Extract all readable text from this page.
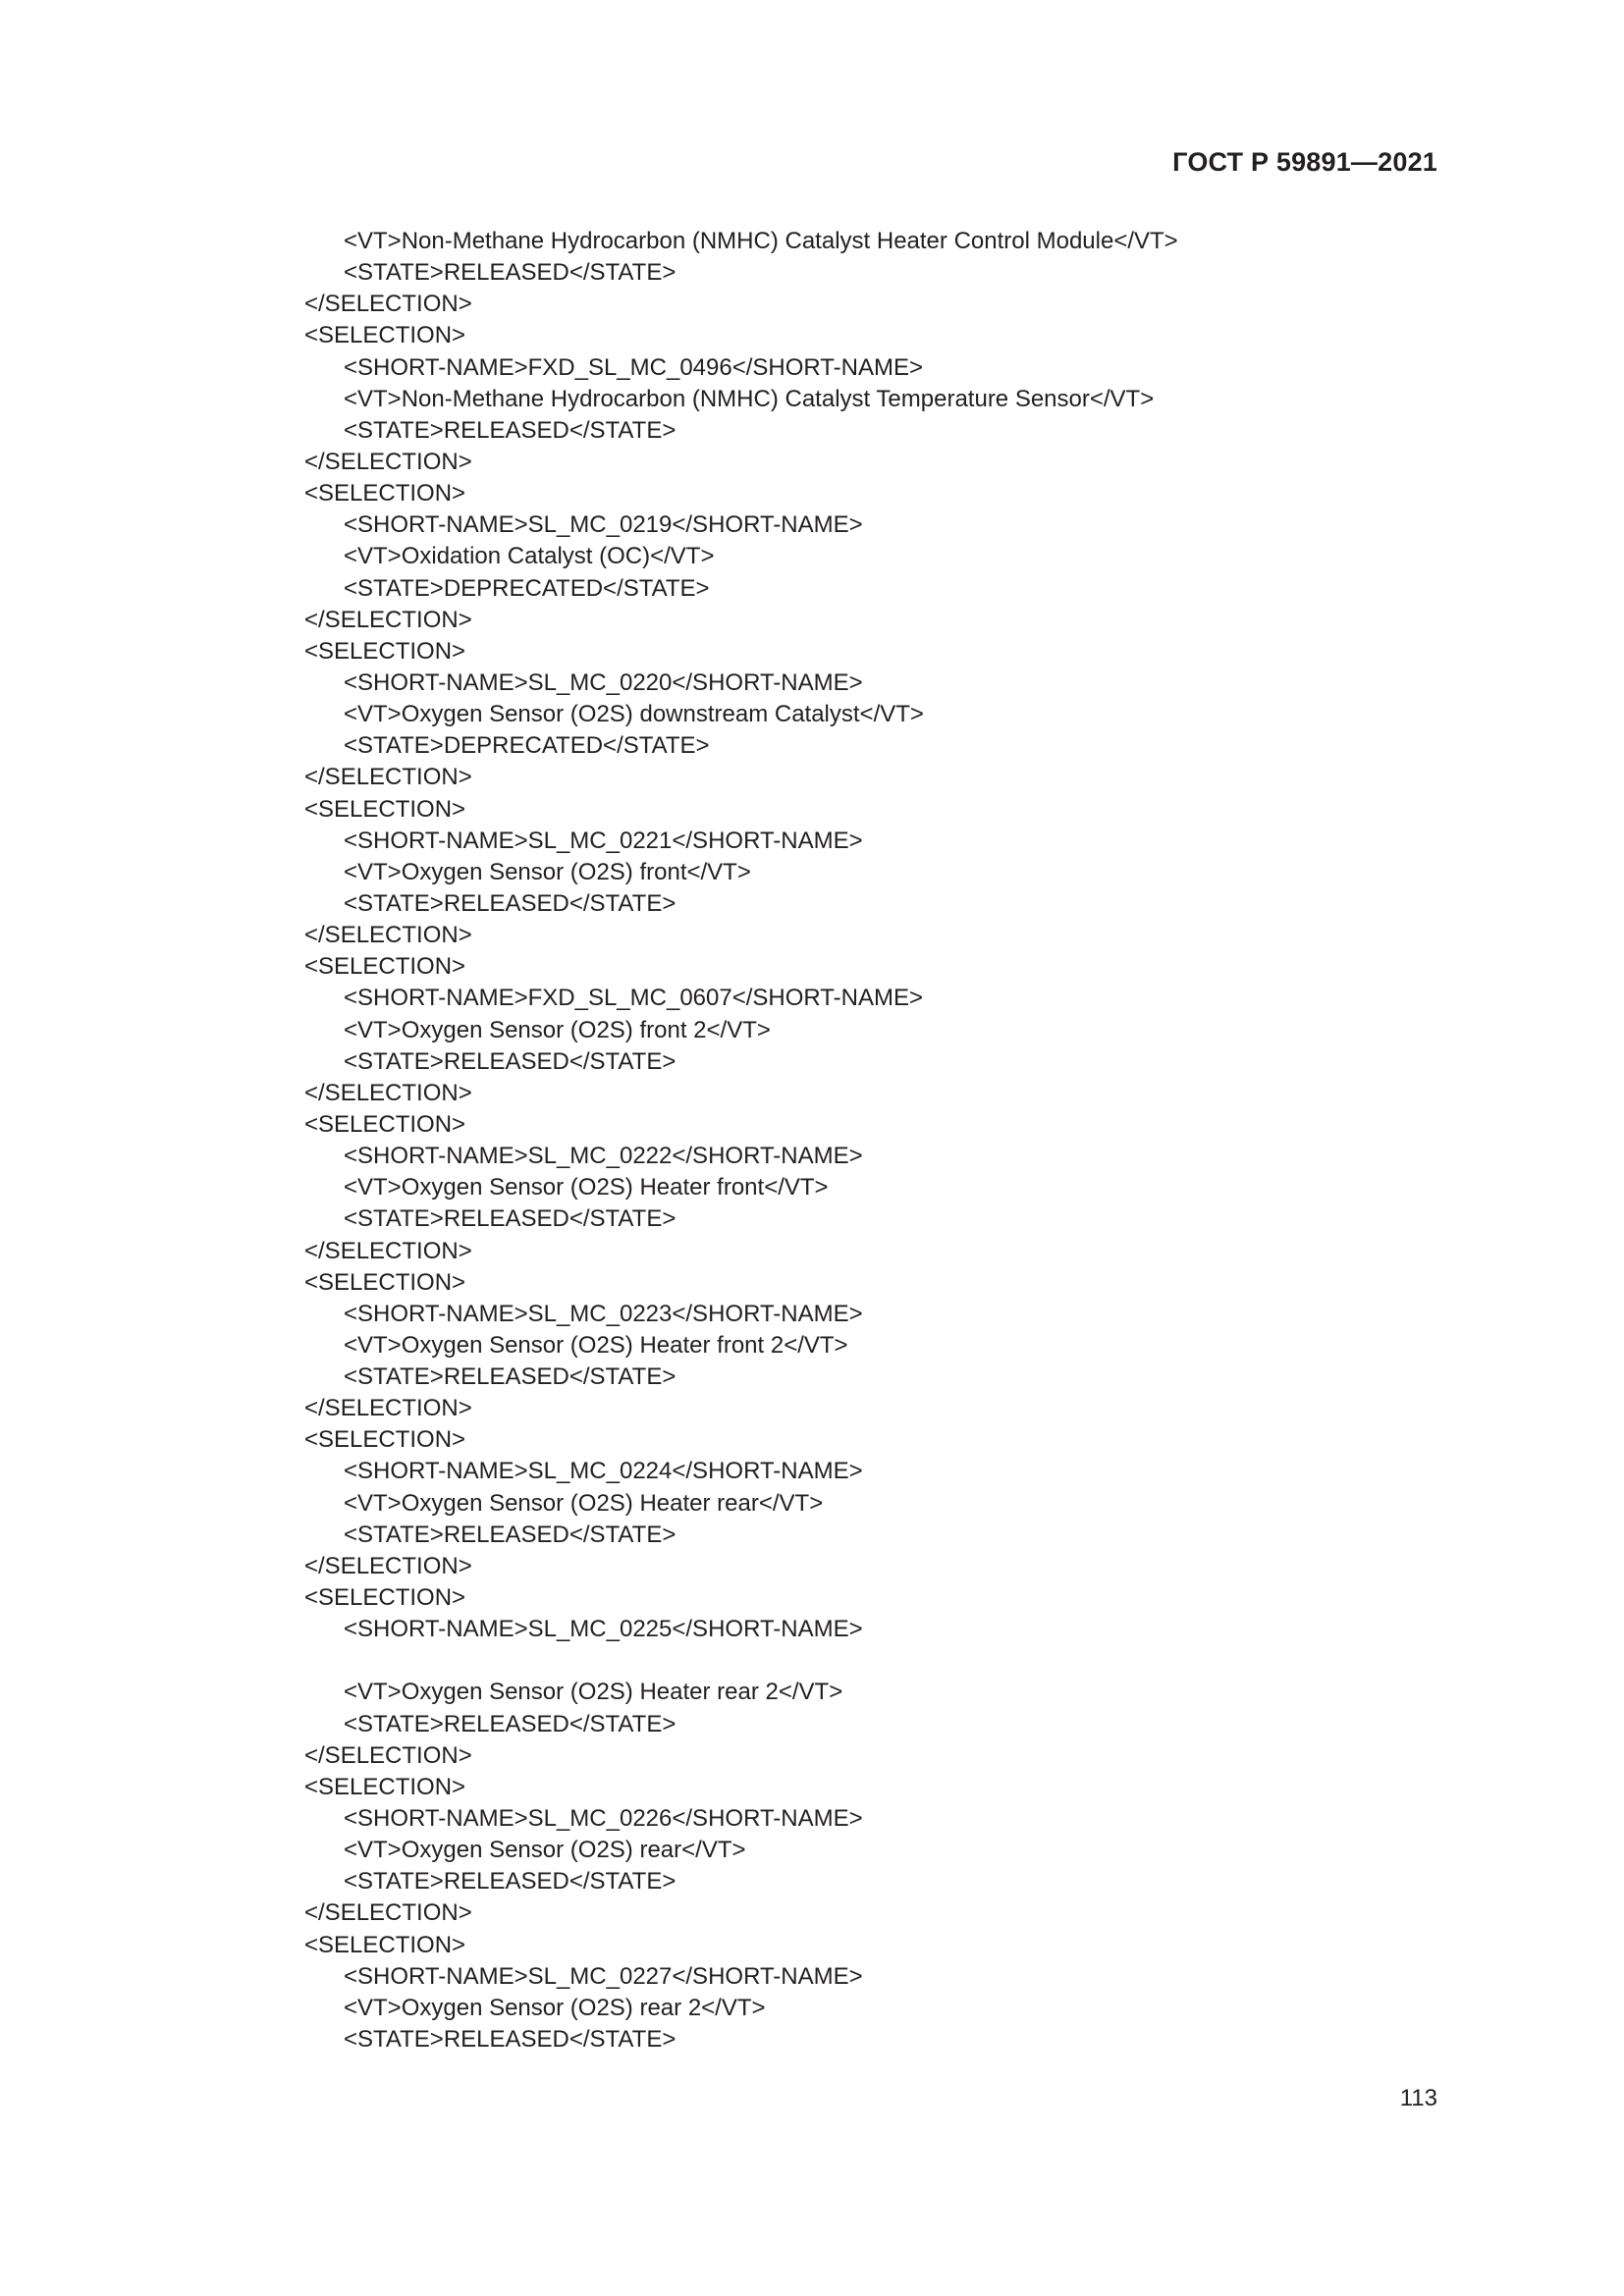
ГОСТ Р 59891—2021
<VT>Non-Methane Hydrocarbon (NMHC) Catalyst Heater Control Module</VT>
<STATE>RELEASED</STATE>
</SELECTION>
<SELECTION>
<SHORT-NAME>FXD_SL_MC_0496</SHORT-NAME>
<VT>Non-Methane Hydrocarbon (NMHC) Catalyst Temperature Sensor</VT>
<STATE>RELEASED</STATE>
</SELECTION>
<SELECTION>
<SHORT-NAME>SL_MC_0219</SHORT-NAME>
<VT>Oxidation Catalyst (OC)</VT>
<STATE>DEPRECATED</STATE>
</SELECTION>
<SELECTION>
<SHORT-NAME>SL_MC_0220</SHORT-NAME>
<VT>Oxygen Sensor (O2S) downstream Catalyst</VT>
<STATE>DEPRECATED</STATE>
</SELECTION>
<SELECTION>
<SHORT-NAME>SL_MC_0221</SHORT-NAME>
<VT>Oxygen Sensor (O2S) front</VT>
<STATE>RELEASED</STATE>
</SELECTION>
<SELECTION>
<SHORT-NAME>FXD_SL_MC_0607</SHORT-NAME>
<VT>Oxygen Sensor (O2S) front 2</VT>
<STATE>RELEASED</STATE>
</SELECTION>
<SELECTION>
<SHORT-NAME>SL_MC_0222</SHORT-NAME>
<VT>Oxygen Sensor (O2S) Heater front</VT>
<STATE>RELEASED</STATE>
</SELECTION>
<SELECTION>
<SHORT-NAME>SL_MC_0223</SHORT-NAME>
<VT>Oxygen Sensor (O2S) Heater front 2</VT>
<STATE>RELEASED</STATE>
</SELECTION>
<SELECTION>
<SHORT-NAME>SL_MC_0224</SHORT-NAME>
<VT>Oxygen Sensor (O2S) Heater rear</VT>
<STATE>RELEASED</STATE>
</SELECTION>
<SELECTION>
<SHORT-NAME>SL_MC_0225</SHORT-NAME>
<VT>Oxygen Sensor (O2S) Heater rear 2</VT>
<STATE>RELEASED</STATE>
</SELECTION>
<SELECTION>
<SHORT-NAME>SL_MC_0226</SHORT-NAME>
<VT>Oxygen Sensor (O2S) rear</VT>
<STATE>RELEASED</STATE>
</SELECTION>
<SELECTION>
<SHORT-NAME>SL_MC_0227</SHORT-NAME>
<VT>Oxygen Sensor (O2S) rear 2</VT>
<STATE>RELEASED</STATE>
113
